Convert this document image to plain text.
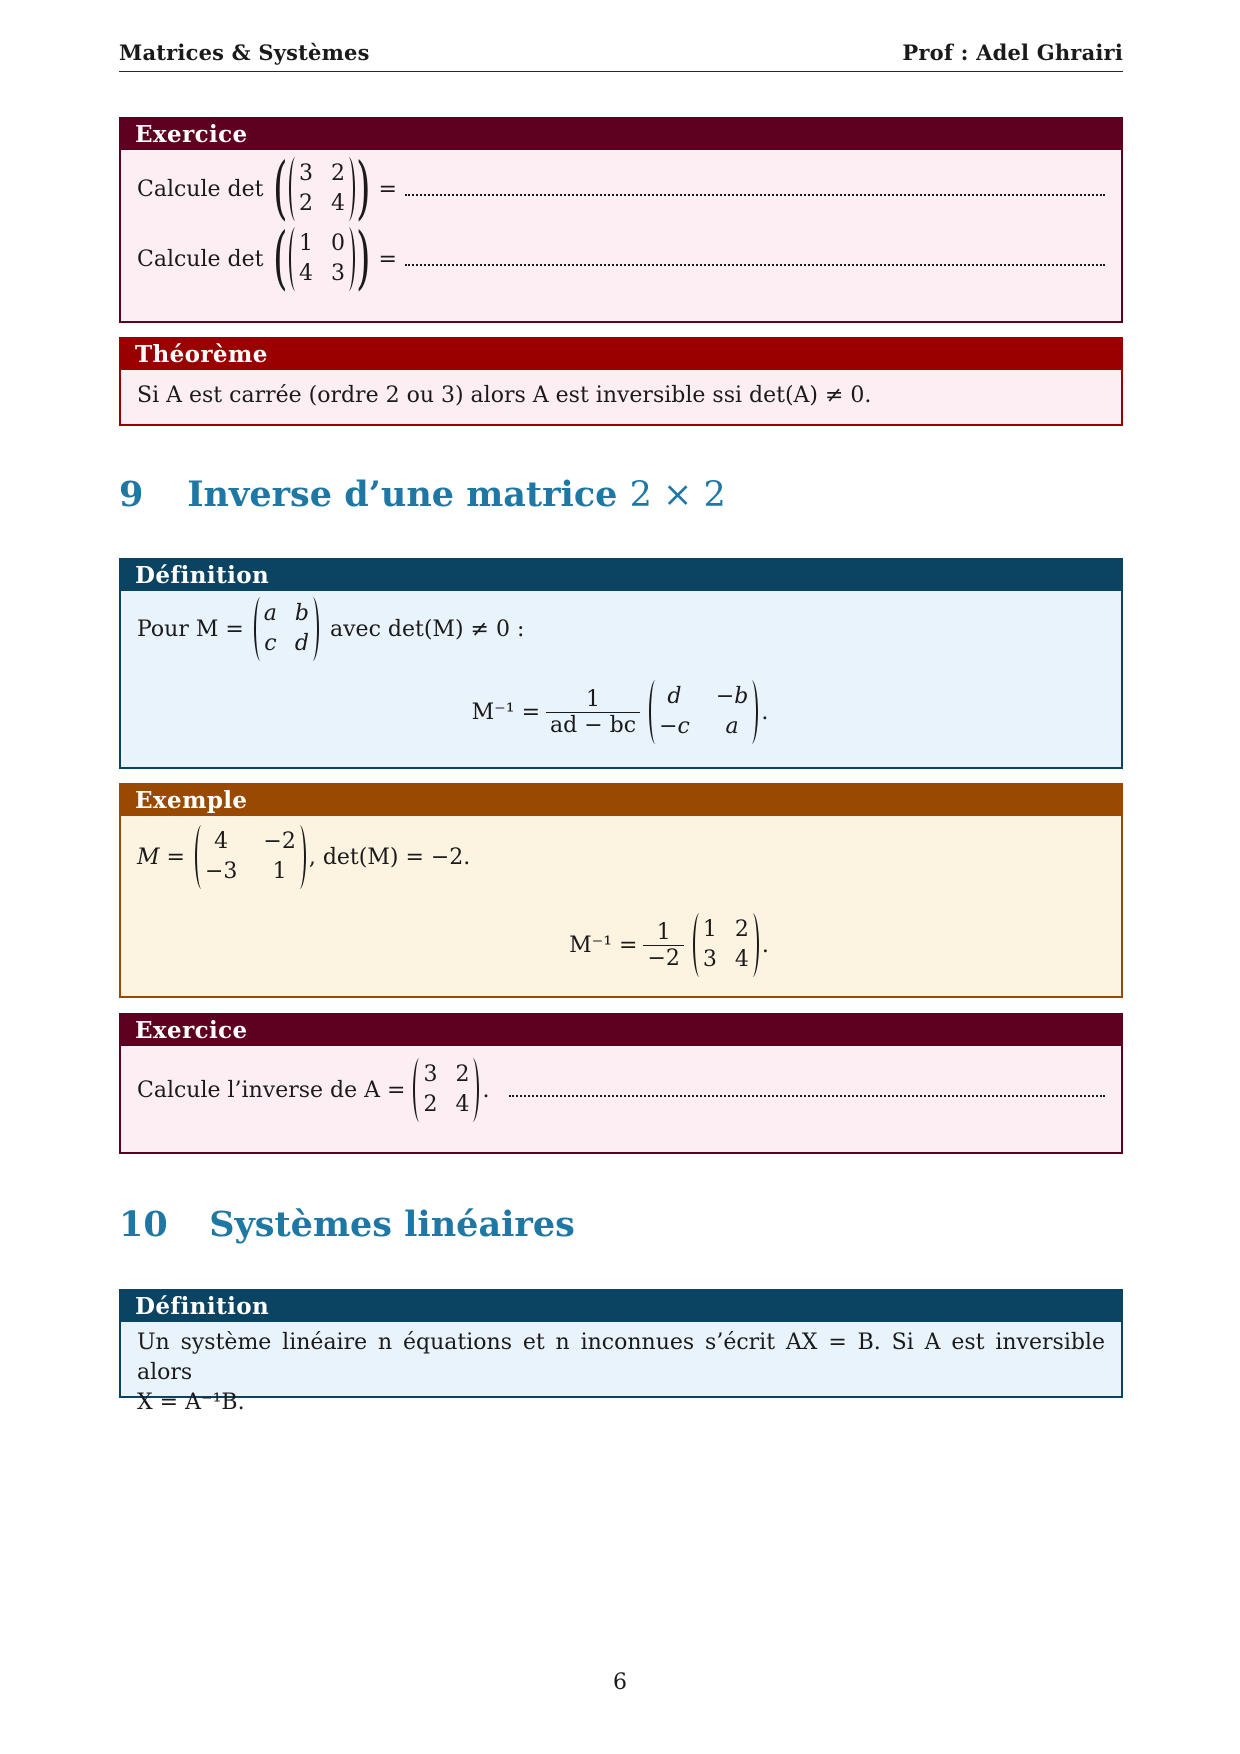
Matrices & Systèmes	Prof : Adel Ghrairi
Exercice
Calcule det ( 3 2
2 4 ) =
Calcule det ( 1 0
4 3 ) =
Théorème
Si A est carrée (ordre 2 ou 3) alors A est inversible ssi det(A) ≠ 0.
9 Inverse d’une matrice 2 × 2
Définition
Pour M =
a b
c d
avec det(M) ≠ 0 :
$M^{-1} = \frac{1}{ad - bc}$	d	−b
−c	a
.
Exemple
M =
4	−2
−3	1
, det(M) = −2.
$M^{-1} = \frac{1}{-2} 1$ 2
3 4
.
Exercice
Calcule l’inverse de A =
3 2
2 4
.
10 Systèmes linéaires
Définition
Un système linéaire n équations et n inconnues s’écrit AX = B. Si A est inversible alors
X = A⁻¹B.
6
